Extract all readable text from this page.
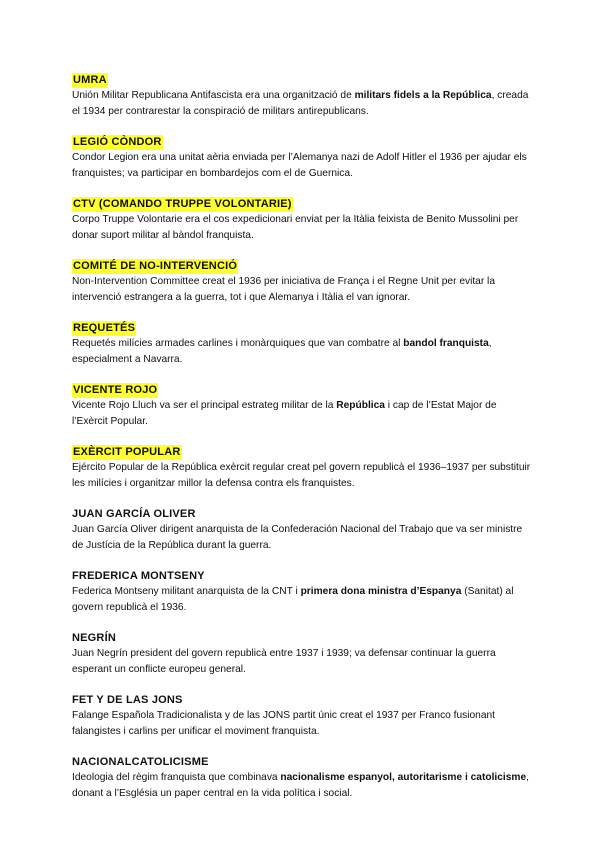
UMRA

Unión Militar Republicana Antifascista era una organització de militars fidels a la República, creada el 1934 per contrarestar la conspiració de militars antirepublicans.

LEGIÓ CÒNDOR

Condor Legion era una unitat aèria enviada per l’Alemanya nazi de Adolf Hitler el 1936 per ajudar els franquistes; va participar en bombardejos com el de Guernica.

CTV (COMANDO TRUPPE VOLONTARIE)

Corpo Truppe Volontarie era el cos expedicionari enviat per la Itàlia feixista de Benito Mussolini per donar suport militar al bàndol franquista.

COMITÉ DE NO-INTERVENCIÓ

Non-Intervention Committee creat el 1936 per iniciativa de França i el Regne Unit per evitar la intervenció estrangera a la guerra, tot i que Alemanya i Itàlia el van ignorar.

REQUETÉS

Requetés milícies armades carlines i monàrquiques que van combatre al bandol franquista, especialment a Navarra.

VICENTE ROJO

Vicente Rojo Lluch va ser el principal estrateg militar de la República i cap de l’Estat Major de l’Exèrcit Popular.

EXÈRCIT POPULAR

Ejército Popular de la República exèrcit regular creat pel govern republicà el 1936–1937 per substituir les milícies i organitzar millor la defensa contra els franquistes.

JUAN GARCÍA OLIVER

Juan García Oliver dirigent anarquista de la Confederación Nacional del Trabajo que va ser ministre de Justícia de la República durant la guerra.

FREDERICA MONTSENY

Federica Montseny militant anarquista de la CNT i primera dona ministra d’Espanya (Sanitat) al govern republicà el 1936.

NEGRÍN

Juan Negrín president del govern republicà entre 1937 i 1939; va defensar continuar la guerra esperant un conflicte europeu general.

FET Y DE LAS JONS

Falange Española Tradicionalista y de las JONS partit únic creat el 1937 per Franco fusionant falangistes i carlins per unificar el moviment franquista.

NACIONALCATOLICISME

Ideologia del règim franquista que combinava nacionalisme espanyol, autoritarisme i catolicisme, donant a l’Església un paper central en la vida política i social.
